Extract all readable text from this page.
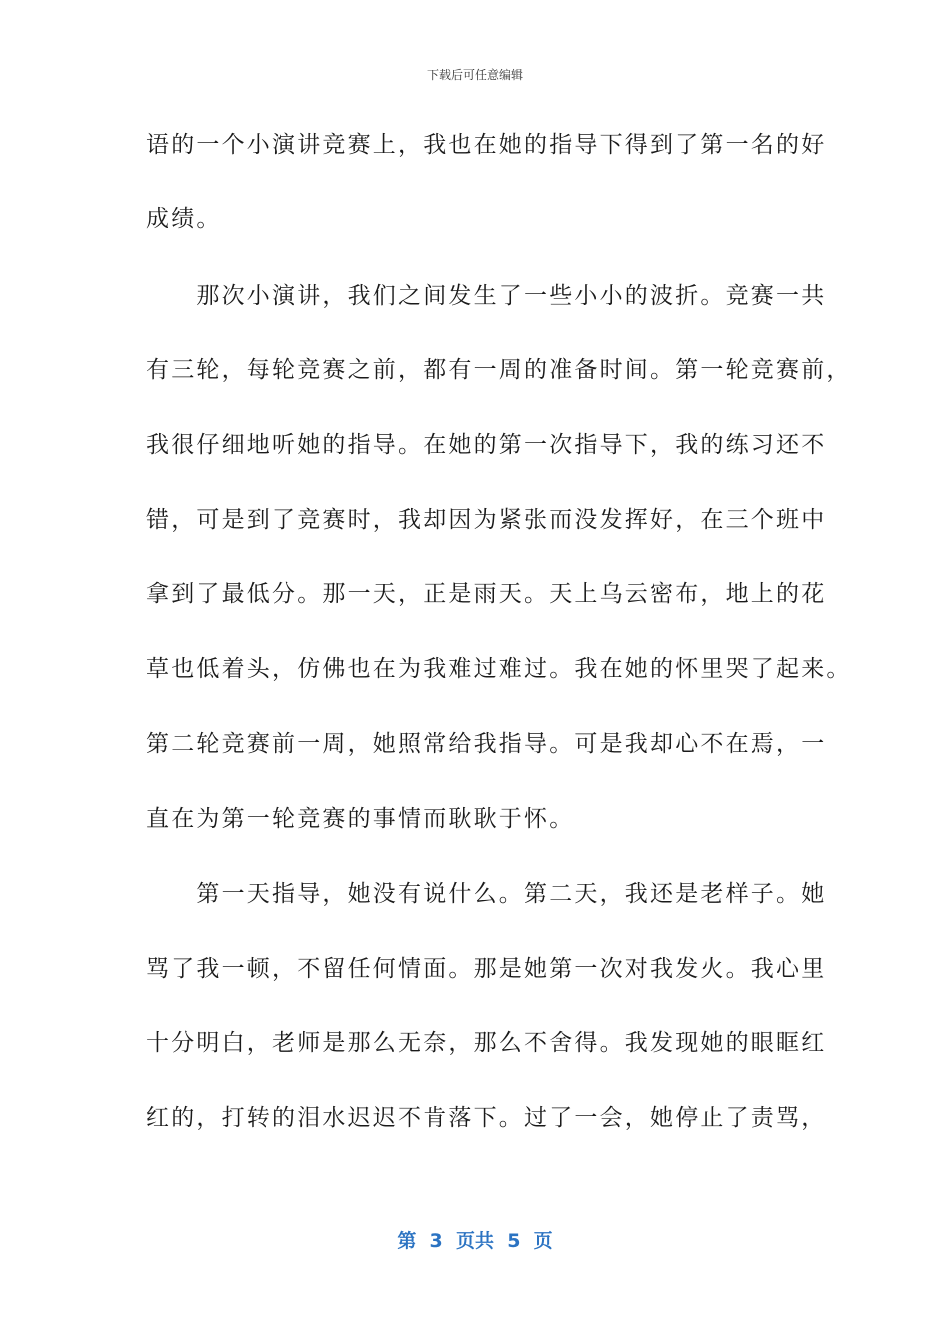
下载后可任意编辑
语的一个小演讲竞赛上，我也在她的指导下得到了第一名的好
成绩。
　　那次小演讲，我们之间发生了一些小小的波折。竞赛一共
有三轮，每轮竞赛之前，都有一周的准备时间。第一轮竞赛前，
我很仔细地听她的指导。在她的第一次指导下，我的练习还不
错，可是到了竞赛时，我却因为紧张而没发挥好，在三个班中
拿到了最低分。那一天，正是雨天。天上乌云密布，地上的花
草也低着头，仿佛也在为我难过难过。我在她的怀里哭了起来。
第二轮竞赛前一周，她照常给我指导。可是我却心不在焉，一
直在为第一轮竞赛的事情而耿耿于怀。
　　第一天指导，她没有说什么。第二天，我还是老样子。她
骂了我一顿，不留任何情面。那是她第一次对我发火。我心里
十分明白，老师是那么无奈，那么不舍得。我发现她的眼眶红
红的，打转的泪水迟迟不肯落下。过了一会，她停止了责骂，
第  3  页共  5  页
